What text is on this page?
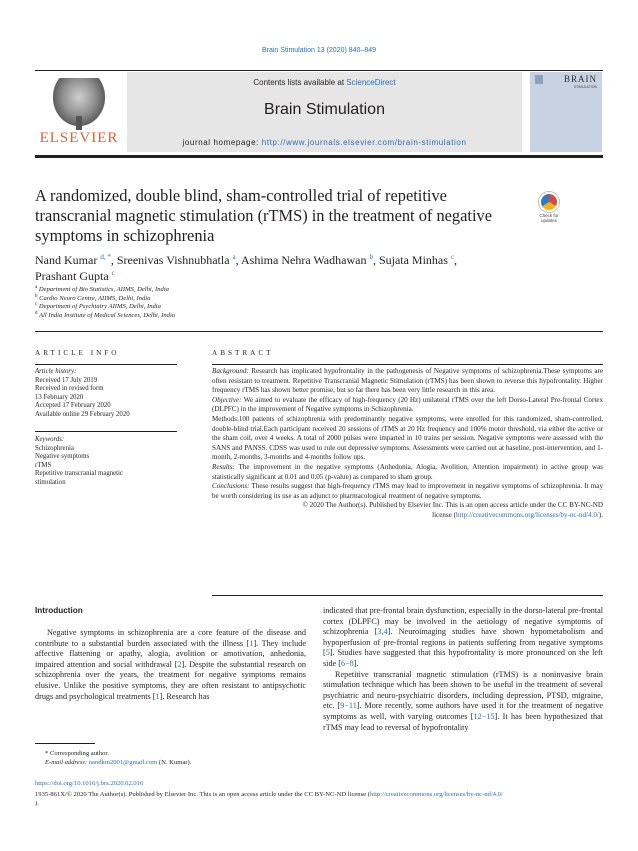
Brain Stimulation 13 (2020) 840–849
ELSEVIER
Contents lists available at ScienceDirect
Brain Stimulation
journal homepage: http://www.journals.elsevier.com/brain-stimulation
BRAIN
STIMULATION
A randomized, double blind, sham-controlled trial of repetitive transcranial magnetic stimulation (rTMS) in the treatment of negative symptoms in schizophrenia
Check for updates
Nand Kumar $^{d, *}$, Sreenivas Vishnubhatla $^a$, Ashima Nehra Wadhawan $^b$, Sujata Minhas $^c$,
Prashant Gupta $^c$
$^a$ Department of Bio Statistics, AIIMS, Delhi, India
$^b$ Cardio Neuro Centre, AIIMS, Delhi, India
$^c$ Department of Psychiatry AIIMS, Delhi, India
$^d$ All India Institute of Medical Sciences, Delhi, India
ARTICLE INFO
Article history:
Received 17 July 2019
Received in revised form
13 February 2020
Accepted 17 February 2020
Available online 29 February 2020
Keywords:
Schizophrenia
Negative symptoms
rTMS
Repetitive transcranial magnetic
stimulation
ABSTRACT

Background: Research has implicated hypofrontality in the pathogenesis of Negative symptoms of schizophrenia.These symptoms are often resistant to treatment. Repetitive Transcranial Magnetic Stimulation (rTMS) has been shown to reverse this hypofrontality. Higher frequency rTMS has shown better promise, but so far there has been very little research in this area.

Objective: We aimed to evaluate the efficacy of high-frequency (20 Hz) unilateral rTMS over the left Dorso-Lateral Pre-frontal Cortex (DLPFC) in the improvement of Negative symptoms in Schizophrenia.

Methods:100 patients of schizophrenia with predominantly negative symptoms, were enrolled for this randomized, sham-controlled, double-blind trial.Each participant received 20 sessions of rTMS at 20 Hz frequency and 100% motor threshold, via either the active or the sham coil, over 4 weeks. A total of 2000 pulses were imparted in 10 trains per session. Negative symptoms were assessed with the SANS and PANSS. CDSS was used to rule out depressive symptoms. Assessments were carried out at baseline, post-intervention, and 1-month, 2-months, 3-months and 4-months follow ups.

Results: The improvement in the negative symptoms (Anhedonia, Alogia, Avolition, Attention impairment) in active group was statistically significant at 0.01 and 0.05 (p-value) as compared to sham group.

Conclusions: These results suggest that high-frequency rTMS may lead to improvement in negative symptoms of schizophrenia. It may be worth considering its use as an adjunct to pharmacological treatment of negative symptoms.

© 2020 The Author(s). Published by Elsevier Inc. This is an open access article under the CC BY-NC-ND

license (http://creativecommons.org/licenses/by-nc-nd/4.0/).

Introduction

Negative symptoms in schizophrenia are a core feature of the disease and contribute to a substantial burden associated with the illness [1]. They include affective flattening or apathy, alogia, avolition or amotivation, anhedonia, impaired attention and social withdrawal [2]. Despite the substantial research on schizophrenia over the years, the treatment for negative symptoms remains elusive. Unlike the positive symptoms, they are often resistant to antipsychotic drugs and psychological treatments [1]. Research has

indicated that pre-frontal brain dysfunction, especially in the dorso-lateral pre-frontal cortex (DLPFC) may be involved in the aetiology of negative symptoms of schizophrenia [3,4]. Neuroimaging studies have shown hypometabolism and hypoperfusion of pre-frontal regions in patients suffering from negative symptoms [5]. Studies have suggested that this hypofrontality is more pronounced on the left side [6−8].

Repetitive transcranial magnetic stimulation (rTMS) is a noninvasive brain stimulation technique which has been shown to be useful in the treatment of several psychiatric and neuro-psychiatric disorders, including depression, PTSD, migraine, etc. [9−11]. More recently, some authors have used it for the treatment of negative symptoms as well, with varying outcomes [12−15]. It has been hypothesized that rTMS may lead to reversal of hypofrontality

* Corresponding author.
E-mail address: nandkm2001@gmail.com (N. Kumar).
https://doi.org/10.1016/j.brs.2020.02.016
1935-861X/© 2020 The Author(s). Published by Elsevier Inc. This is an open access article under the CC BY-NC-ND license (http://creativecommons.org/licenses/by-nc-nd/4.0/
).
